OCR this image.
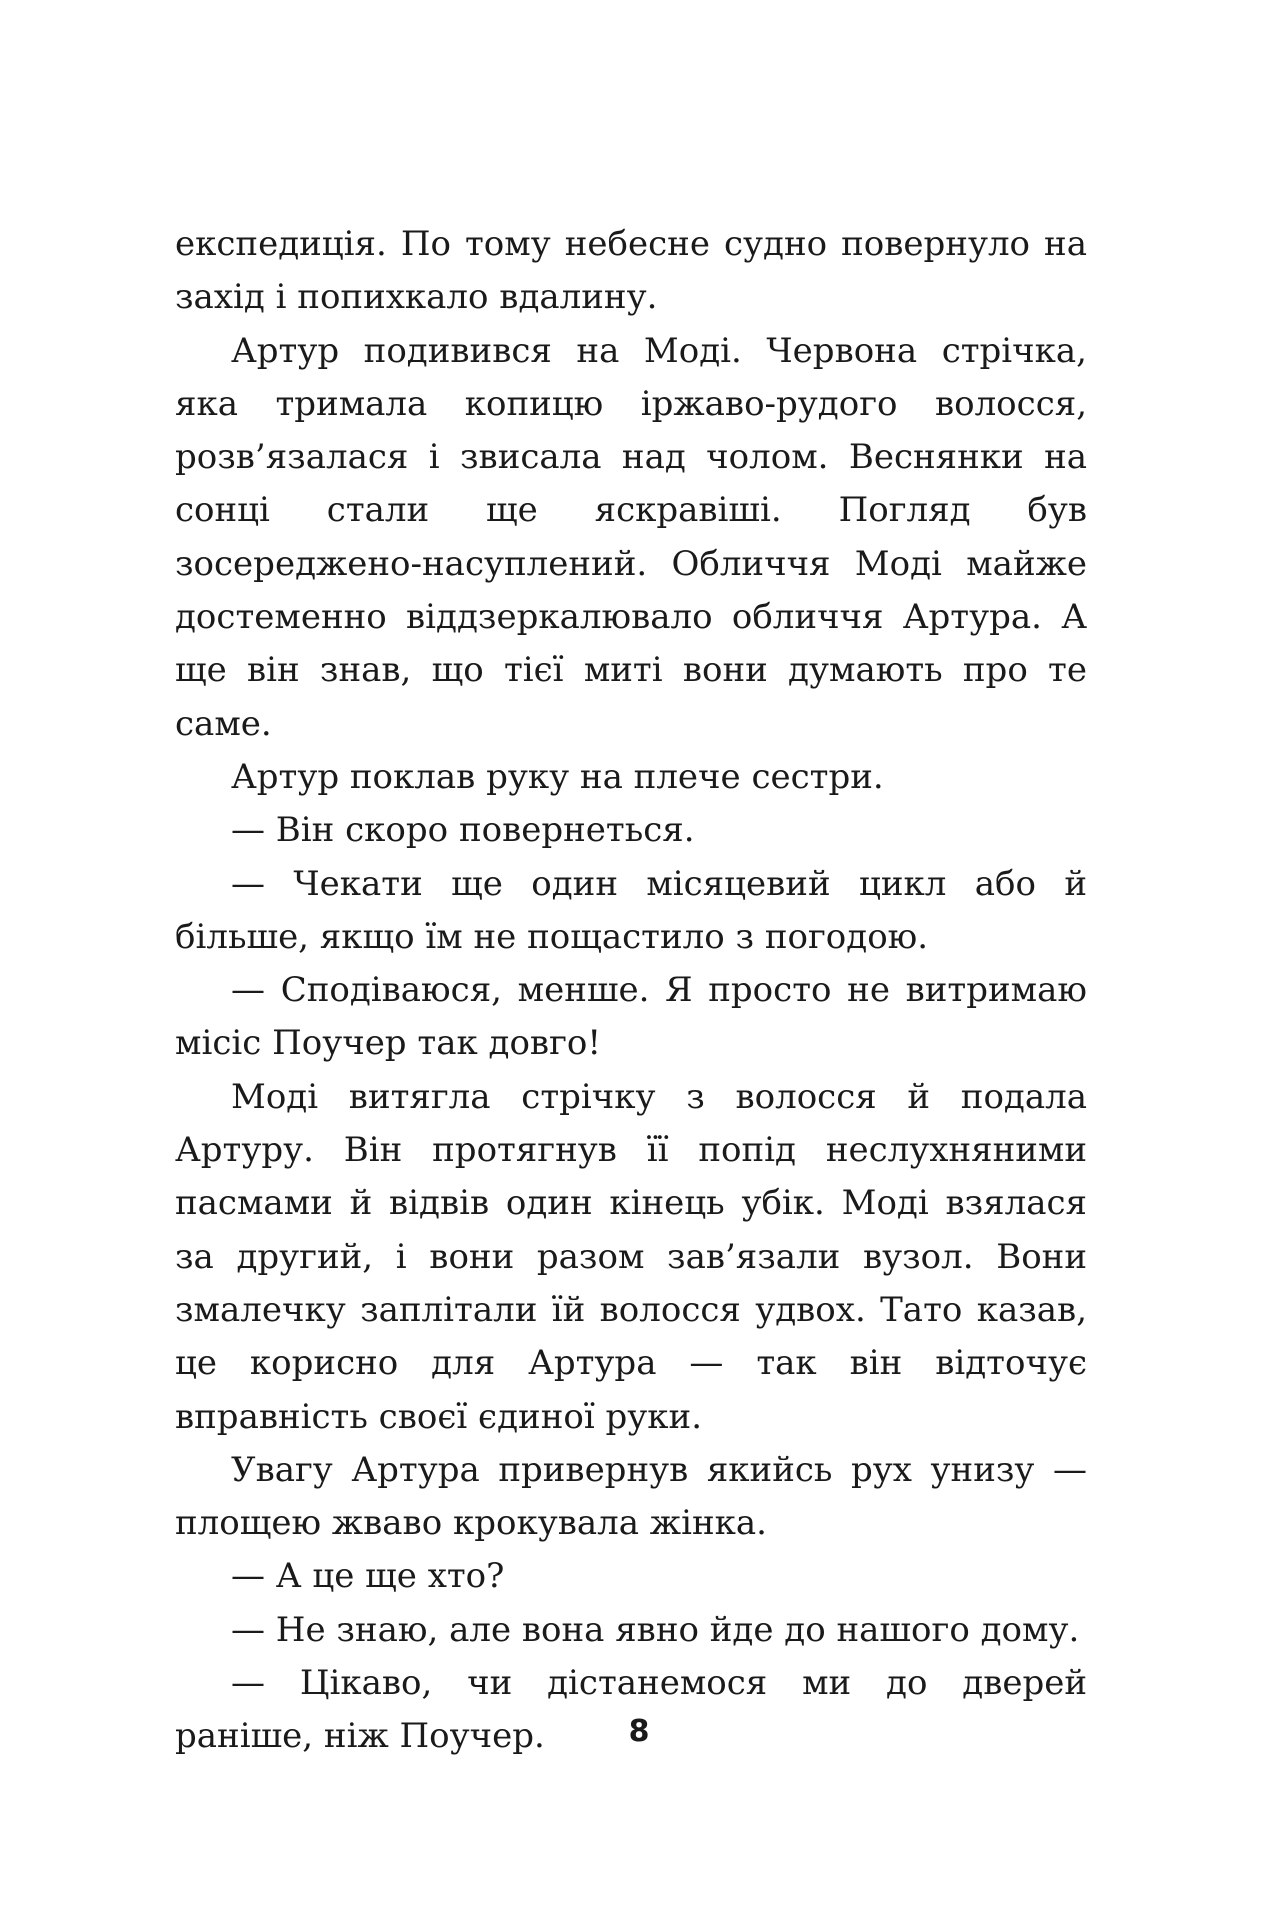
експедиція. По тому небесне судно повернуло на захід і попихкало вдалину.

Артур подивився на Моді. Червона стрічка, яка тримала копицю іржаво-рудого волосся, розв’язалася і звисала над чолом. Веснянки на сонці стали ще яскравіші. Погляд був зосереджено-насуплений. Обличчя Моді майже достеменно віддзеркалювало обличчя Артура. А ще він знав, що тієї миті вони думають про те саме.

Артур поклав руку на плече сестри.

— Він скоро повернеться.

— Чекати ще один місяцевий цикл або й більше, якщо їм не пощастило з погодою.

— Сподіваюся, менше. Я просто не витримаю місіс Поучер так довго!

Моді витягла стрічку з волосся й подала Артуру. Він протягнув її попід неслухняними пасмами й відвів один кінець убік. Моді взялася за другий, і вони разом зав’язали вузол. Вони змалечку заплітали їй волосся удвох. Тато казав, це корисно для Артура — так він відточує вправність своєї єдиної руки.

Увагу Артура привернув якийсь рух унизу — площею жваво крокувала жінка.

— А це ще хто?

— Не знаю, але вона явно йде до нашого дому.

— Цікаво, чи дістанемося ми до дверей раніше, ніж Поучер.	8
